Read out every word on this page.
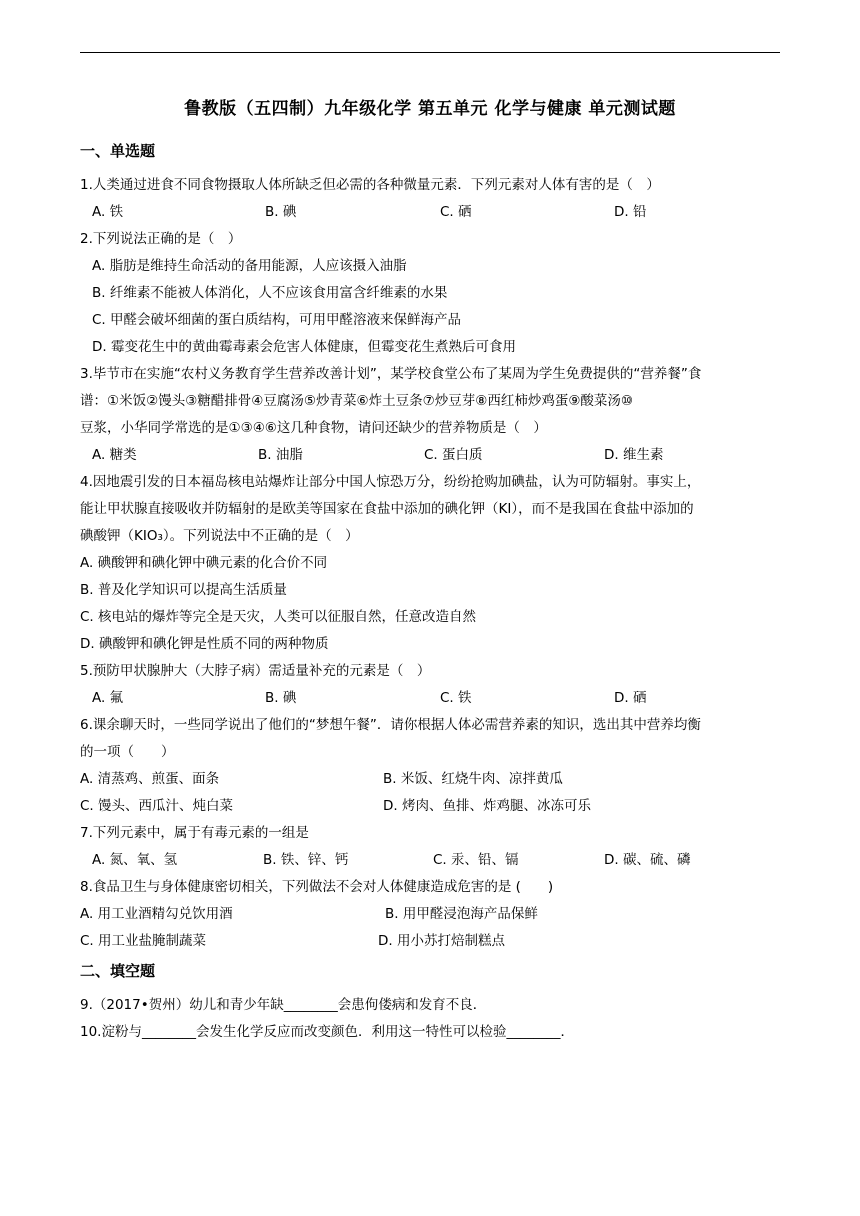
鲁教版（五四制）九年级化学 第五单元 化学与健康 单元测试题
一、单选题
1.人类通过进食不同食物摄取人体所缺乏但必需的各种微量元素．下列元素对人体有害的是（　）
A. 铁	B. 碘	C. 硒	D. 铅
2.下列说法正确的是（　）
A. 脂肪是维持生命活动的备用能源，人应该摄入油脂
B. 纤维素不能被人体消化，人不应该食用富含纤维素的水果
C. 甲醛会破坏细菌的蛋白质结构，可用甲醛溶液来保鲜海产品
D. 霉变花生中的黄曲霉毒素会危害人体健康，但霉变花生煮熟后可食用
3.毕节市在实施“农村义务教育学生营养改善计划”，某学校食堂公布了某周为学生免费提供的“营养餐”食
谱：①米饭②馒头③糖醋排骨④豆腐汤⑤炒青菜⑥炸土豆条⑦炒豆芽⑧西红柿炒鸡蛋⑨酸菜汤⑩
豆浆，小华同学常选的是①③④⑥这几种食物，请问还缺少的营养物质是（　）
A. 糖类	B. 油脂	C. 蛋白质	D. 维生素
4.因地震引发的日本福岛核电站爆炸让部分中国人惊恐万分，纷纷抢购加碘盐，认为可防辐射。事实上，
能让甲状腺直接吸收并防辐射的是欧美等国家在食盐中添加的碘化钾（KI），而不是我国在食盐中添加的
碘酸钾（KIO₃）。下列说法中不正确的是（　）
A. 碘酸钾和碘化钾中碘元素的化合价不同
B. 普及化学知识可以提高生活质量
C. 核电站的爆炸等完全是天灾，人类可以征服自然，任意改造自然
D. 碘酸钾和碘化钾是性质不同的两种物质
5.预防甲状腺肿大（大脖子病）需适量补充的元素是（　）
A. 氟	B. 碘	C. 铁	D. 硒
6.课余聊天时，一些同学说出了他们的“梦想午餐”．请你根据人体必需营养素的知识，选出其中营养均衡
的一项（　　）
A. 清蒸鸡、煎蛋、面条	B. 米饭、红烧牛肉、凉拌黄瓜
C. 馒头、西瓜汁、炖白菜	D. 烤肉、鱼排、炸鸡腿、冰冻可乐
7.下列元素中，属于有毒元素的一组是
A. 氮、氧、氢	B. 铁、锌、钙	C. 汞、铅、镉	D. 碳、硫、磷
8.食品卫生与身体健康密切相关，下列做法不会对人体健康造成危害的是 (　　)
A. 用工业酒精勾兑饮用酒	B. 用甲醛浸泡海产品保鲜
C. 用工业盐腌制蔬菜	D. 用小苏打焙制糕点
二、填空题
9.（2017•贺州）幼儿和青少年缺________会患佝偻病和发育不良．
10.淀粉与________会发生化学反应而改变颜色．利用这一特性可以检验________．
